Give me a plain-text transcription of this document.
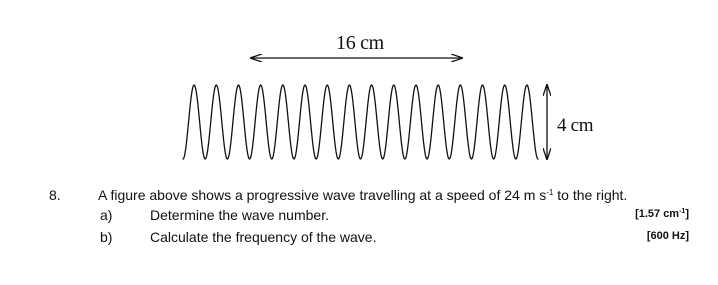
16 cm
4 cm
8.	A figure above shows a progressive wave travelling at a speed of 24 m $s^{-1}$ to the right.
a)	Determine the wave number.	[1.57 $cm^{-1}$]
b)	Calculate the frequency of the wave.	[600 Hz]
